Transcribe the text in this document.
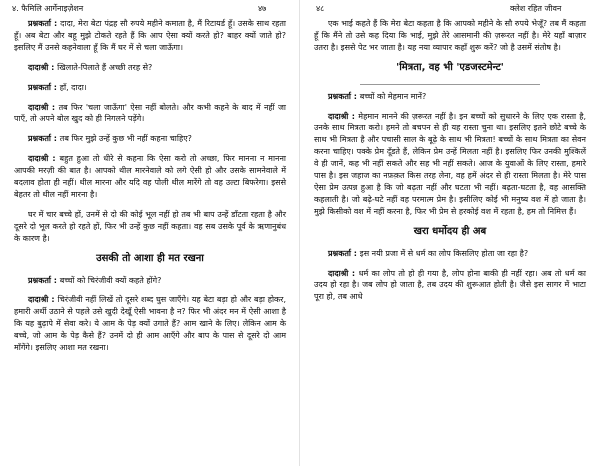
४. फैमिलि आर्गेनाइज़ेशन	४७
प्रश्नकर्ता : दादा, मेरा बेटा पंद्रह सौ रुपये महीने कमाता है, मैं रिटायर्ड हूँ। उसके साथ रहता हूँ। अब बेटा और बहू मुझे टोकते रहते हैं कि आप ऐसा क्यों करते हो? बाहर क्यों जाते हो? इसलिए मैं उनसे कहनेवाला हूँ कि मैं घर में से चला जाऊँगा।
दादाश्री : खिलाते-पिलाते हैं अच्छी तरह से?
प्रश्नकर्ता : हाँ, दादा।
दादाश्री : तब फिर 'चला जाऊँगा' ऐसा नहीं बोलते। और कभी कहने के बाद में नहीं जा पाएँ, तो अपने बोल खुद को ही निगलने पड़ेंगे।
प्रश्नकर्ता : तब फिर मुझे उन्हें कुछ भी नहीं कहना चाहिए?
दादाश्री : बहुत हुआ तो धीरे से कहना कि ऐसा करो तो अच्छा, फिर मानना न मानना आपकी मरज़ी की बात है। आपको थील मारनेवाले को लगे ऐसी हो और उसके सामनेवाले में बदलाव होता ही नहीं। थील मारना और यदि वह पोली थील मारेंगे तो वह उल्टा बिफरेगा। इससे बेहतर तो थील नहीं मारना है।
घर में चार बच्चे हों, उनमें से दो की कोई भूल नहीं हो तब भी बाप उन्हें डाँटता रहता है और दूसरे दो भूल करते हो रहते हों, फिर भी उन्हें कुछ नहीं कहता। वह सब उसके पूर्व के ऋणानुबंध के कारण है।
उसकी तो आशा ही मत रखना
प्रश्नकर्ता : बच्चों को चिरंजीवी क्यों कहते होंगे?
दादाश्री : चिरंजीवी नहीं लिखें तो दूसरे शब्द घुस जाएँगे। यह बेटा बड़ा हो और बड़ा होकर, हमारी अर्थी उठाने से पहले उसे खुदी देखूँ ऐसी भावना है न? फिर भी अंदर मन में ऐसी आशा है कि यह बुढ़ापे में सेवा करे। ये आम के पेड़ क्यों उगाते हैं? आम खाने के लिए। लेकिन आम के बच्चे, जो आम के पेड़ कैसे हैं? उनमें दो ही आम आएँगे और बाप के पास से दूसरे दो आम माँगेंगे। इसलिए आशा मत रखना।
४८	क्लेश रहित जीवन
एक भाई कहते हैं कि मेरा बेटा कहता है कि आपको महीने के सौ रुपये भेजूँ? तब मैं कहता हूँ कि मैंने तो उसे कह दिया कि भाई, मुझे तेरे आसमानी की ज़रूरत नहीं है। मेरे यहाँ बाज़ार उतरा है। इससे पेट भर जाता है। यह नया व्यापार कहाँ शुरू करें? जो है उसमें संतोष है।
'मित्रता, वह भी 'एडजस्टमेन्ट'
प्रश्नकर्ता : बच्चों को मेहमान मानें?
दादाश्री : मेहमान मानने की ज़रूरत नहीं है। इन बच्चों को सुधारने के लिए एक रास्ता है, उनके साथ मित्रता करो। हमने तो बचपन से ही यह रास्ता चुना था। इसलिए इतने छोटे बच्चे के साथ भी मित्रता है और पचासी साल के बूढ़े के साथ भी मित्रता! बच्चों के साथ मित्रता का सेवन करना चाहिए। पक्के प्रेम दूँडते हैं, लेकिन प्रेम उन्हें मिलता नहीं है। इसलिए फिर उनकी मुश्किलें वे ही जानें, कह भी नहीं सकते और सह भी नहीं सकते। आज के युवाओं के लिए रास्ता, हमारे पास है। इस जहाज का नफ़क़त किस तरह लेना, वह हमें अंदर से ही रास्ता मिलता है। मेरे पास ऐसा प्रेम उत्पन्न हुआ है कि जो बढ़ता नहीं और घटता भी नहीं। बढ़ता-घटता है, वह आसक्ति कहलाती है। जो बढ़े-घटे नहीं वह परमात्म प्रेम है। इसीलिए कोई भी मनुष्य वश में हो जाता है। मुझे किसीको वश में नहीं करना है, फिर भी प्रेम से हरकोई वश में रहता है, हम तो निमित्त हैं।
खरा धर्मोदय ही अब
प्रश्नकर्ता : इस नयी प्रजा में से धर्म का लोप किसलिए होता जा रहा है?
दादाश्री : धर्म का लोप तो हो ही गया है, लोप होना बाकी ही नहीं रहा। अब तो धर्म का उदय हो रहा है। जब लोप हो जाता है, तब उदय की शुरूआत होती है। जैसे इस सागर में भाटा पूरा हो, तब आधे
